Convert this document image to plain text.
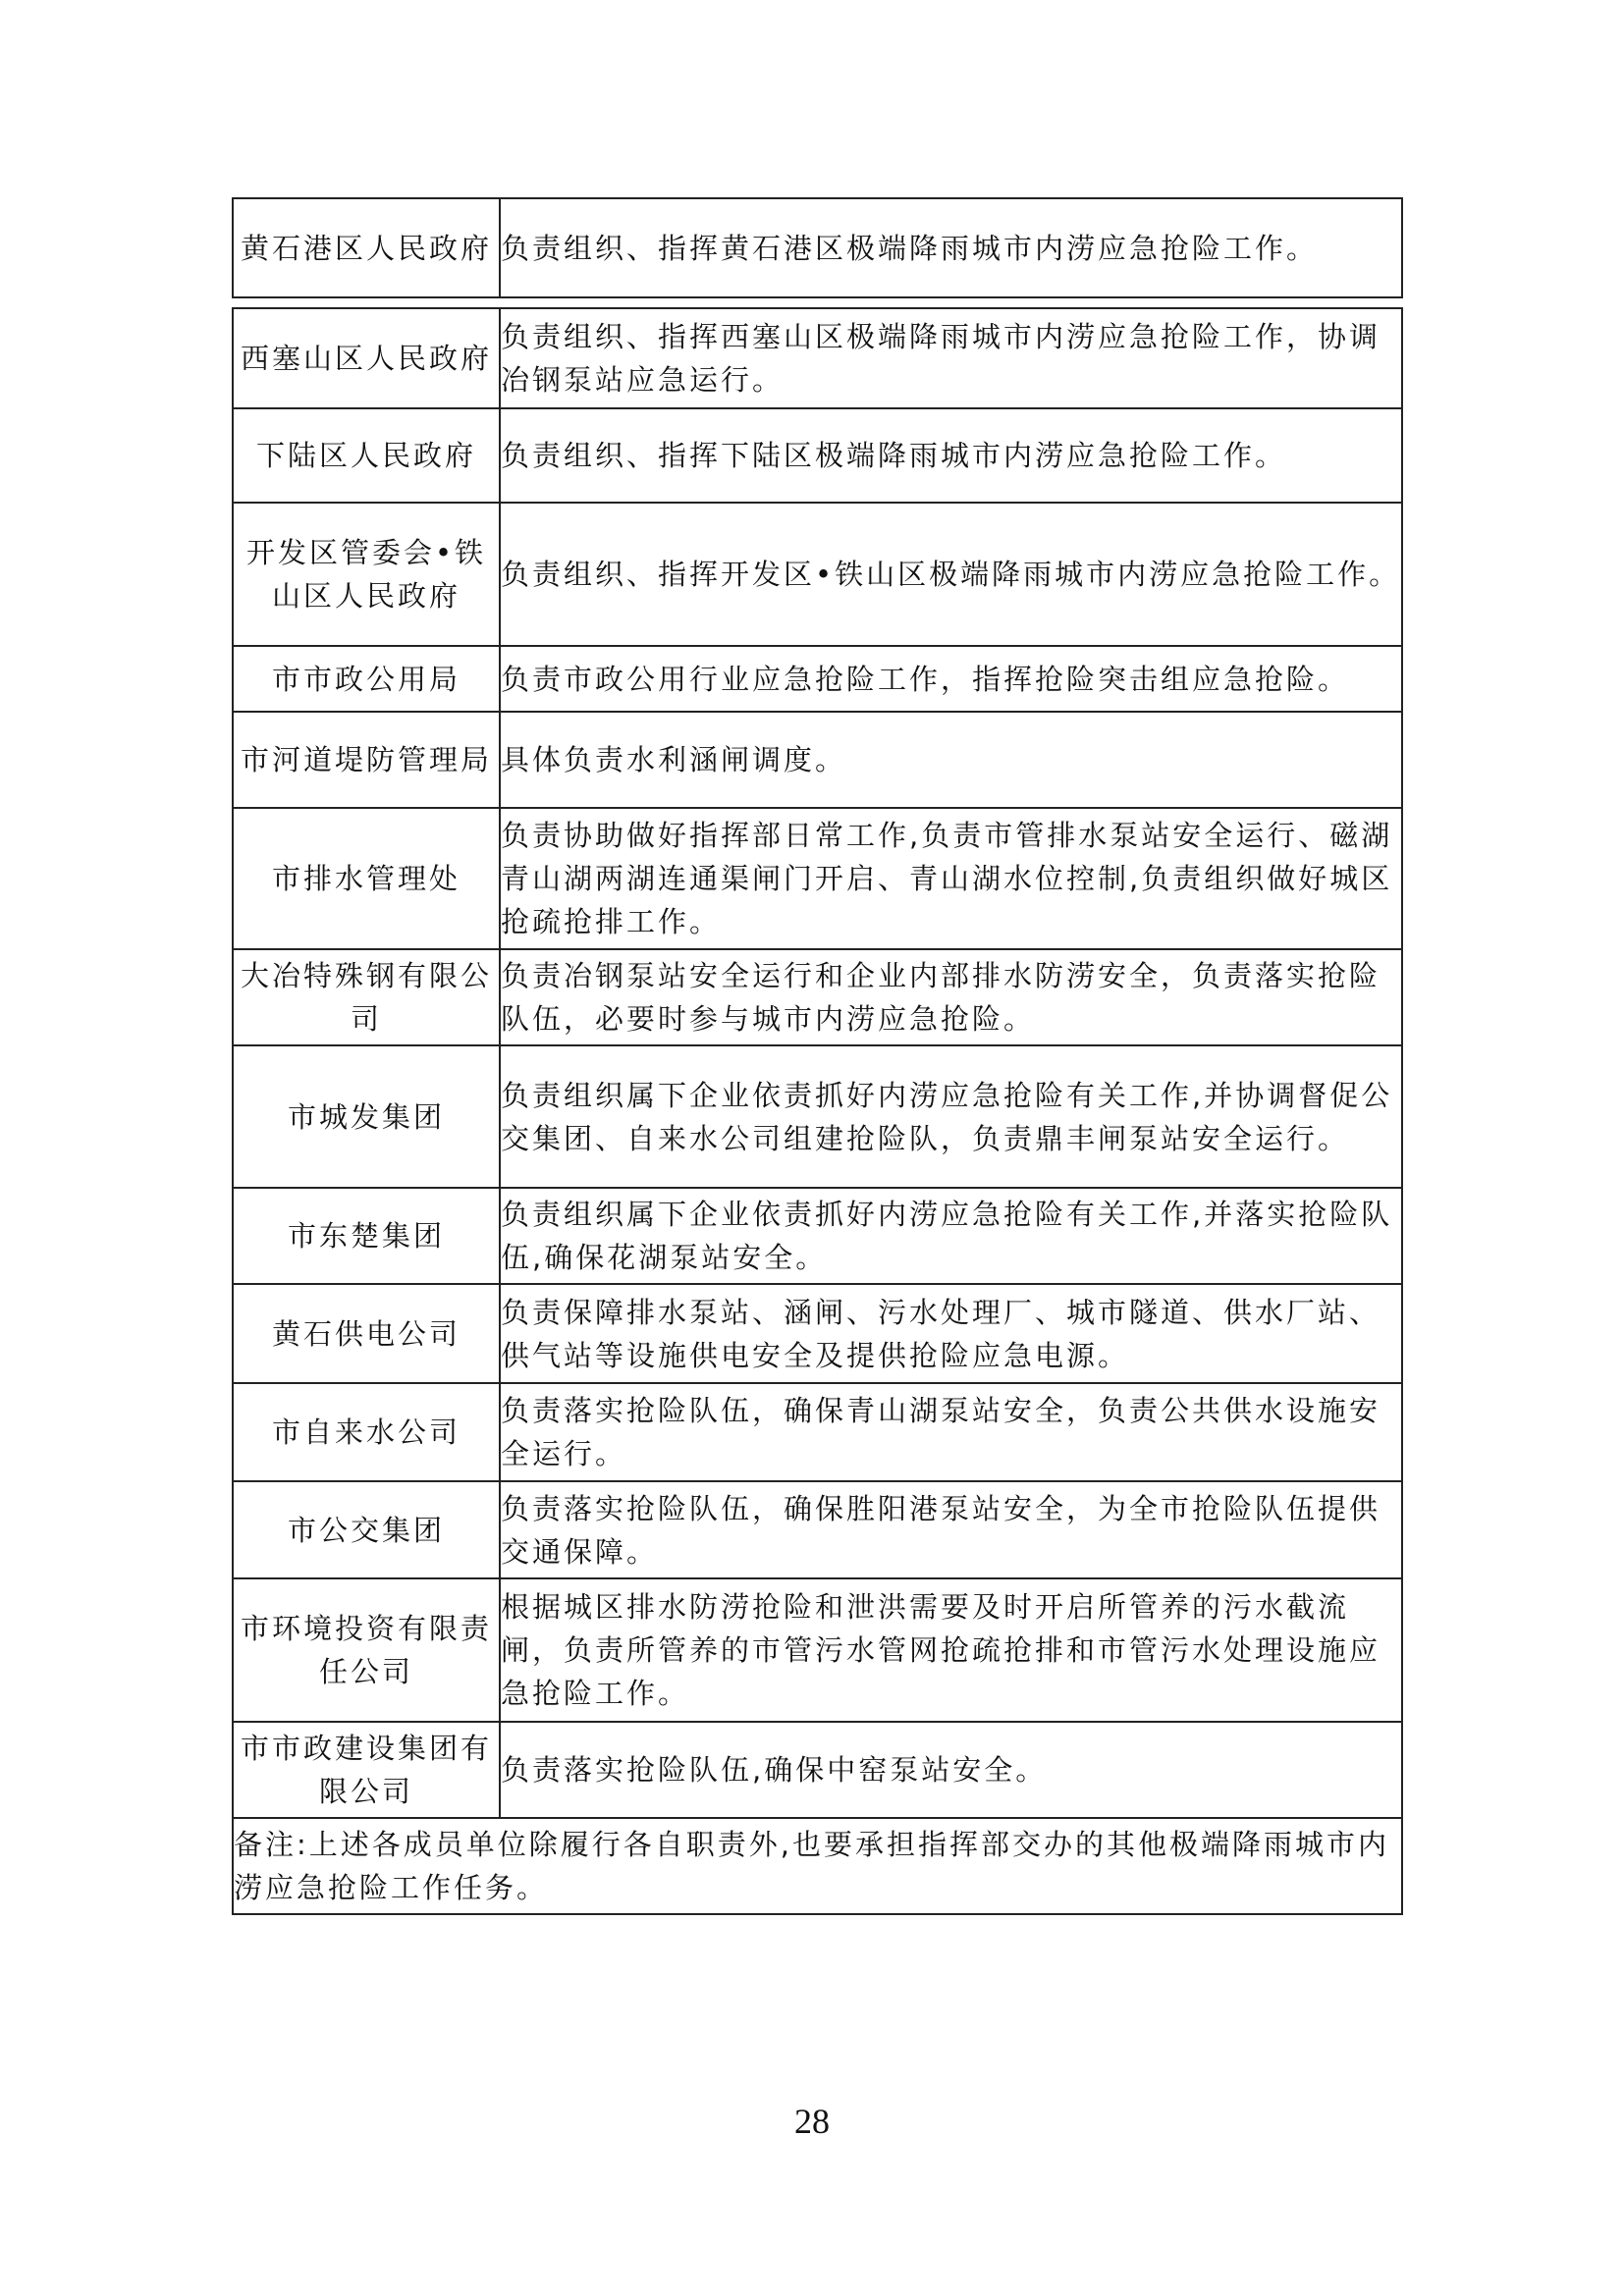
黄石港区人民政府	负责组织、指挥黄石港区极端降雨城市内涝应急抢险工作。
西塞山区人民政府	负责组织、指挥西塞山区极端降雨城市内涝应急抢险工作，协调冶钢泵站应急运行。
下陆区人民政府	负责组织、指挥下陆区极端降雨城市内涝应急抢险工作。
开发区管委会•铁山区人民政府	负责组织、指挥开发区•铁山区极端降雨城市内涝应急抢险工作。
市市政公用局	负责市政公用行业应急抢险工作，指挥抢险突击组应急抢险。
市河道堤防管理局	具体负责水利涵闸调度。
市排水管理处	负责协助做好指挥部日常工作,负责市管排水泵站安全运行、磁湖青山湖两湖连通渠闸门开启、青山湖水位控制,负责组织做好城区抢疏抢排工作。
大冶特殊钢有限公司	负责冶钢泵站安全运行和企业内部排水防涝安全，负责落实抢险队伍，必要时参与城市内涝应急抢险。
市城发集团	负责组织属下企业依责抓好内涝应急抢险有关工作,并协调督促公交集团、自来水公司组建抢险队，负责鼎丰闸泵站安全运行。
市东楚集团	负责组织属下企业依责抓好内涝应急抢险有关工作,并落实抢险队伍,确保花湖泵站安全。
黄石供电公司	负责保障排水泵站、涵闸、污水处理厂、城市隧道、供水厂站、供气站等设施供电安全及提供抢险应急电源。
市自来水公司	负责落实抢险队伍，确保青山湖泵站安全，负责公共供水设施安全运行。
市公交集团	负责落实抢险队伍，确保胜阳港泵站安全，为全市抢险队伍提供交通保障。
市环境投资有限责任公司	根据城区排水防涝抢险和泄洪需要及时开启所管养的污水截流闸，负责所管养的市管污水管网抢疏抢排和市管污水处理设施应急抢险工作。
市市政建设集团有限公司	负责落实抢险队伍,确保中窑泵站安全。
备注:上述各成员单位除履行各自职责外,也要承担指挥部交办的其他极端降雨城市内涝应急抢险工作任务。	
28
